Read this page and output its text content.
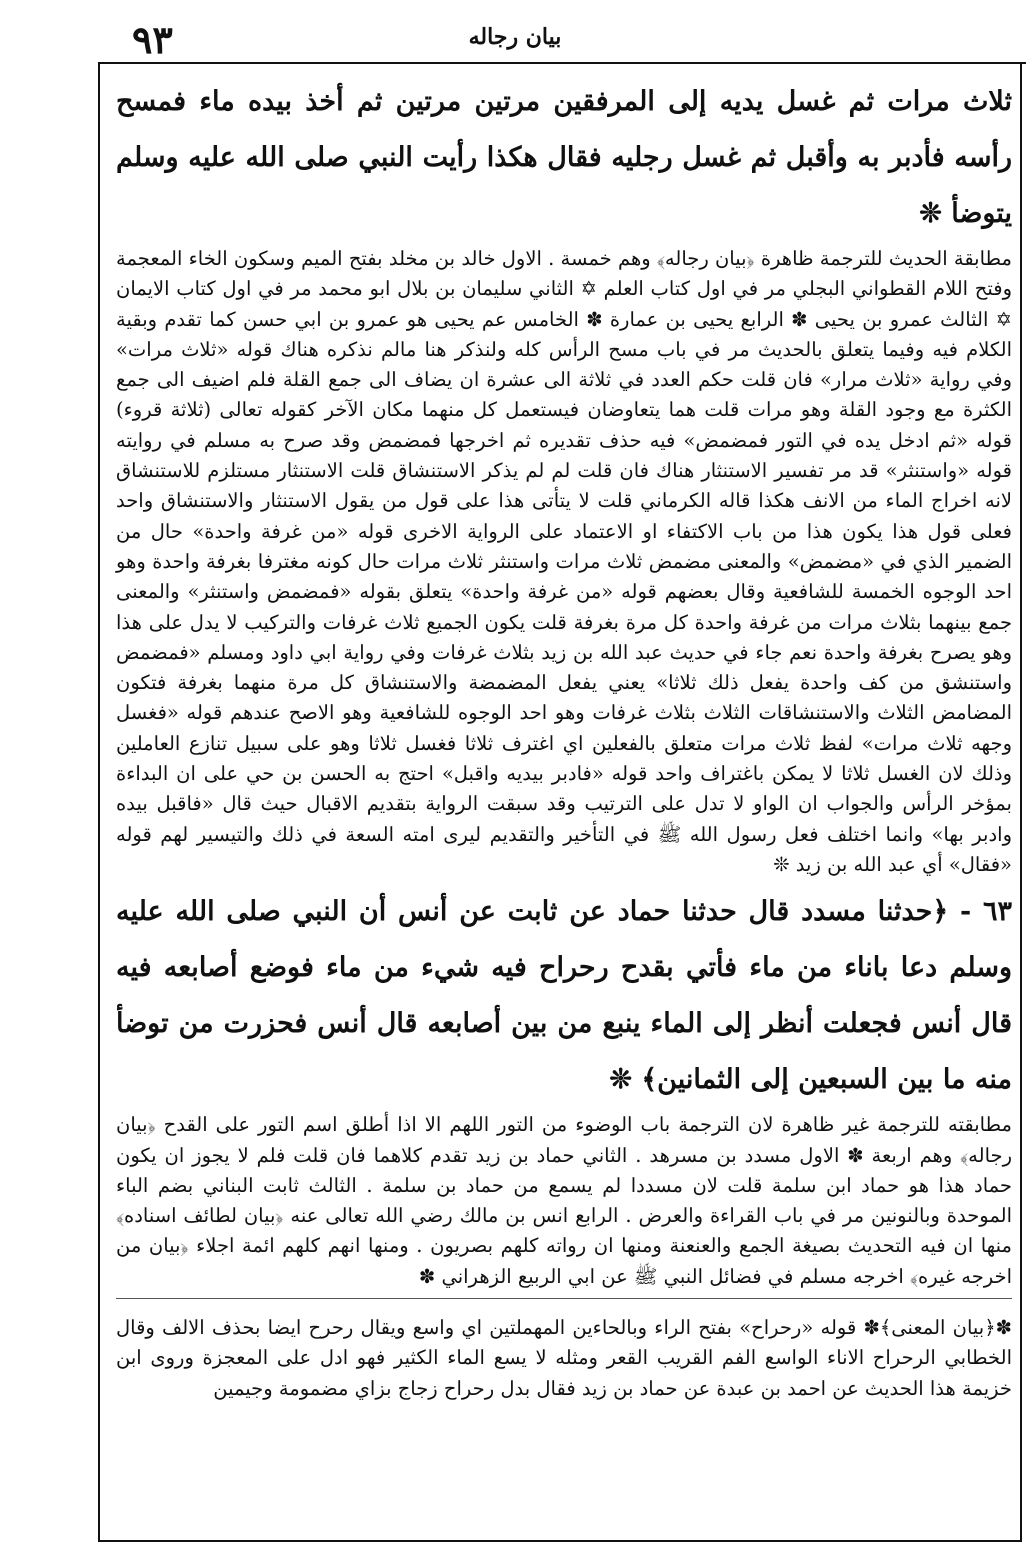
٩٣	بيان رجاله

ثلاث مرات ثم غسل يديه إلى المرفقين مرتين مرتين ثم أخذ بيده ماء فمسح رأسه فأدبر به وأقبل ثم غسل رجليه فقال هكذا رأيت النبي صلى الله عليه وسلم يتوضأ ❊

مطابقة الحديث للترجمة ظاهرة ﴿بيان رجاله﴾ وهم خمسة . الاول خالد بن مخلد بفتح الميم وسكون الخاء المعجمة وفتح اللام القطواني البجلي مر في اول كتاب العلم ✡ الثاني سليمان بن بلال ابو محمد مر في اول كتاب الايمان ✡ الثالث عمرو بن يحيى ✽ الرابع يحيى بن عمارة ✽ الخامس عم يحيى هو عمرو بن ابي حسن كما تقدم وبقية الكلام فيه وفيما يتعلق بالحديث مر في باب مسح الرأس كله ولنذكر هنا مالم نذكره هناك قوله «ثلاث مرات» وفي رواية «ثلاث مرار» فان قلت حكم العدد في ثلاثة الى عشرة ان يضاف الى جمع القلة فلم اضيف الى جمع الكثرة مع وجود القلة وهو مرات قلت هما يتعاوضان فيستعمل كل منهما مكان الآخر كقوله تعالى (ثلاثة قروء) قوله «ثم ادخل يده في التور فمضمض» فيه حذف تقديره ثم اخرجها فمضمض وقد صرح به مسلم في روايته قوله «واستنثر» قد مر تفسير الاستنثار هناك فان قلت لم لم يذكر الاستنشاق قلت الاستنثار مستلزم للاستنشاق لانه اخراج الماء من الانف هكذا قاله الكرماني قلت لا يتأتى هذا على قول من يقول الاستنثار والاستنشاق واحد فعلى قول هذا يكون هذا من باب الاكتفاء او الاعتماد على الرواية الاخرى قوله «من غرفة واحدة» حال من الضمير الذي في «مضمض» والمعنى مضمض ثلاث مرات واستنثر ثلاث مرات حال كونه مغترفا بغرفة واحدة وهو احد الوجوه الخمسة للشافعية وقال بعضهم قوله «من غرفة واحدة» يتعلق بقوله «فمضمض واستنثر» والمعنى جمع بينهما بثلاث مرات من غرفة واحدة كل مرة بغرفة قلت يكون الجميع ثلاث غرفات والتركيب لا يدل على هذا وهو يصرح بغرفة واحدة نعم جاء في حديث عبد الله بن زيد بثلاث غرفات وفي رواية ابي داود ومسلم «فمضمض واستنشق من كف واحدة يفعل ذلك ثلاثا» يعني يفعل المضمضة والاستنشاق كل مرة منهما بغرفة فتكون المضامض الثلاث والاستنشاقات الثلاث بثلاث غرفات وهو احد الوجوه للشافعية وهو الاصح عندهم قوله «فغسل وجهه ثلاث مرات» لفظ ثلاث مرات متعلق بالفعلين اي اغترف ثلاثا فغسل ثلاثا وهو على سبيل تنازع العاملين وذلك لان الغسل ثلاثا لا يمكن باغتراف واحد قوله «فادبر بيديه واقبل» احتج به الحسن بن حي على ان البداءة بمؤخر الرأس والجواب ان الواو لا تدل على الترتيب وقد سبقت الرواية بتقديم الاقبال حيث قال «فاقبل بيده وادبر بها» وانما اختلف فعل رسول الله ﷺ في التأخير والتقديم ليرى امته السعة في ذلك والتيسير لهم قوله «فقال» أي عبد الله بن زيد ❊

٦٣ - ﴿حدثنا مسدد قال حدثنا حماد عن ثابت عن أنس أن النبي صلى الله عليه وسلم دعا باناء من ماء فأتي بقدح رحراح فيه شيء من ماء فوضع أصابعه فيه قال أنس فجعلت أنظر إلى الماء ينبع من بين أصابعه قال أنس فحزرت من توضأ منه ما بين السبعين إلى الثمانين﴾ ❊

مطابقته للترجمة غير ظاهرة لان الترجمة باب الوضوء من التور اللهم الا اذا أطلق اسم التور على القدح ﴿بيان رجاله﴾ وهم اربعة ✽ الاول مسدد بن مسرهد . الثاني حماد بن زيد تقدم كلاهما فان قلت فلم لا يجوز ان يكون حماد هذا هو حماد ابن سلمة قلت لان مسددا لم يسمع من حماد بن سلمة . الثالث ثابت البناني بضم الباء الموحدة وبالنونين مر في باب القراءة والعرض . الرابع انس بن مالك رضي الله تعالى عنه ﴿بيان لطائف اسناده﴾ منها ان فيه التحديث بصيغة الجمع والعنعنة ومنها ان رواته كلهم بصريون . ومنها انهم كلهم ائمة اجلاء ﴿بيان من اخرجه غيره﴾ اخرجه مسلم في فضائل النبي ﷺ عن ابي الربيع الزهراني ✽

✽﴿بيان المعنى﴾✽ قوله «رحراح» بفتح الراء وبالحاءين المهملتين اي واسع ويقال رحرح ايضا بحذف الالف وقال الخطابي الرحراح الاناء الواسع الفم القريب القعر ومثله لا يسع الماء الكثير فهو ادل على المعجزة وروى ابن خزيمة هذا الحديث عن احمد بن عبدة عن حماد بن زيد فقال بدل رحراح زجاج بزاي مضمومة وجيمين
